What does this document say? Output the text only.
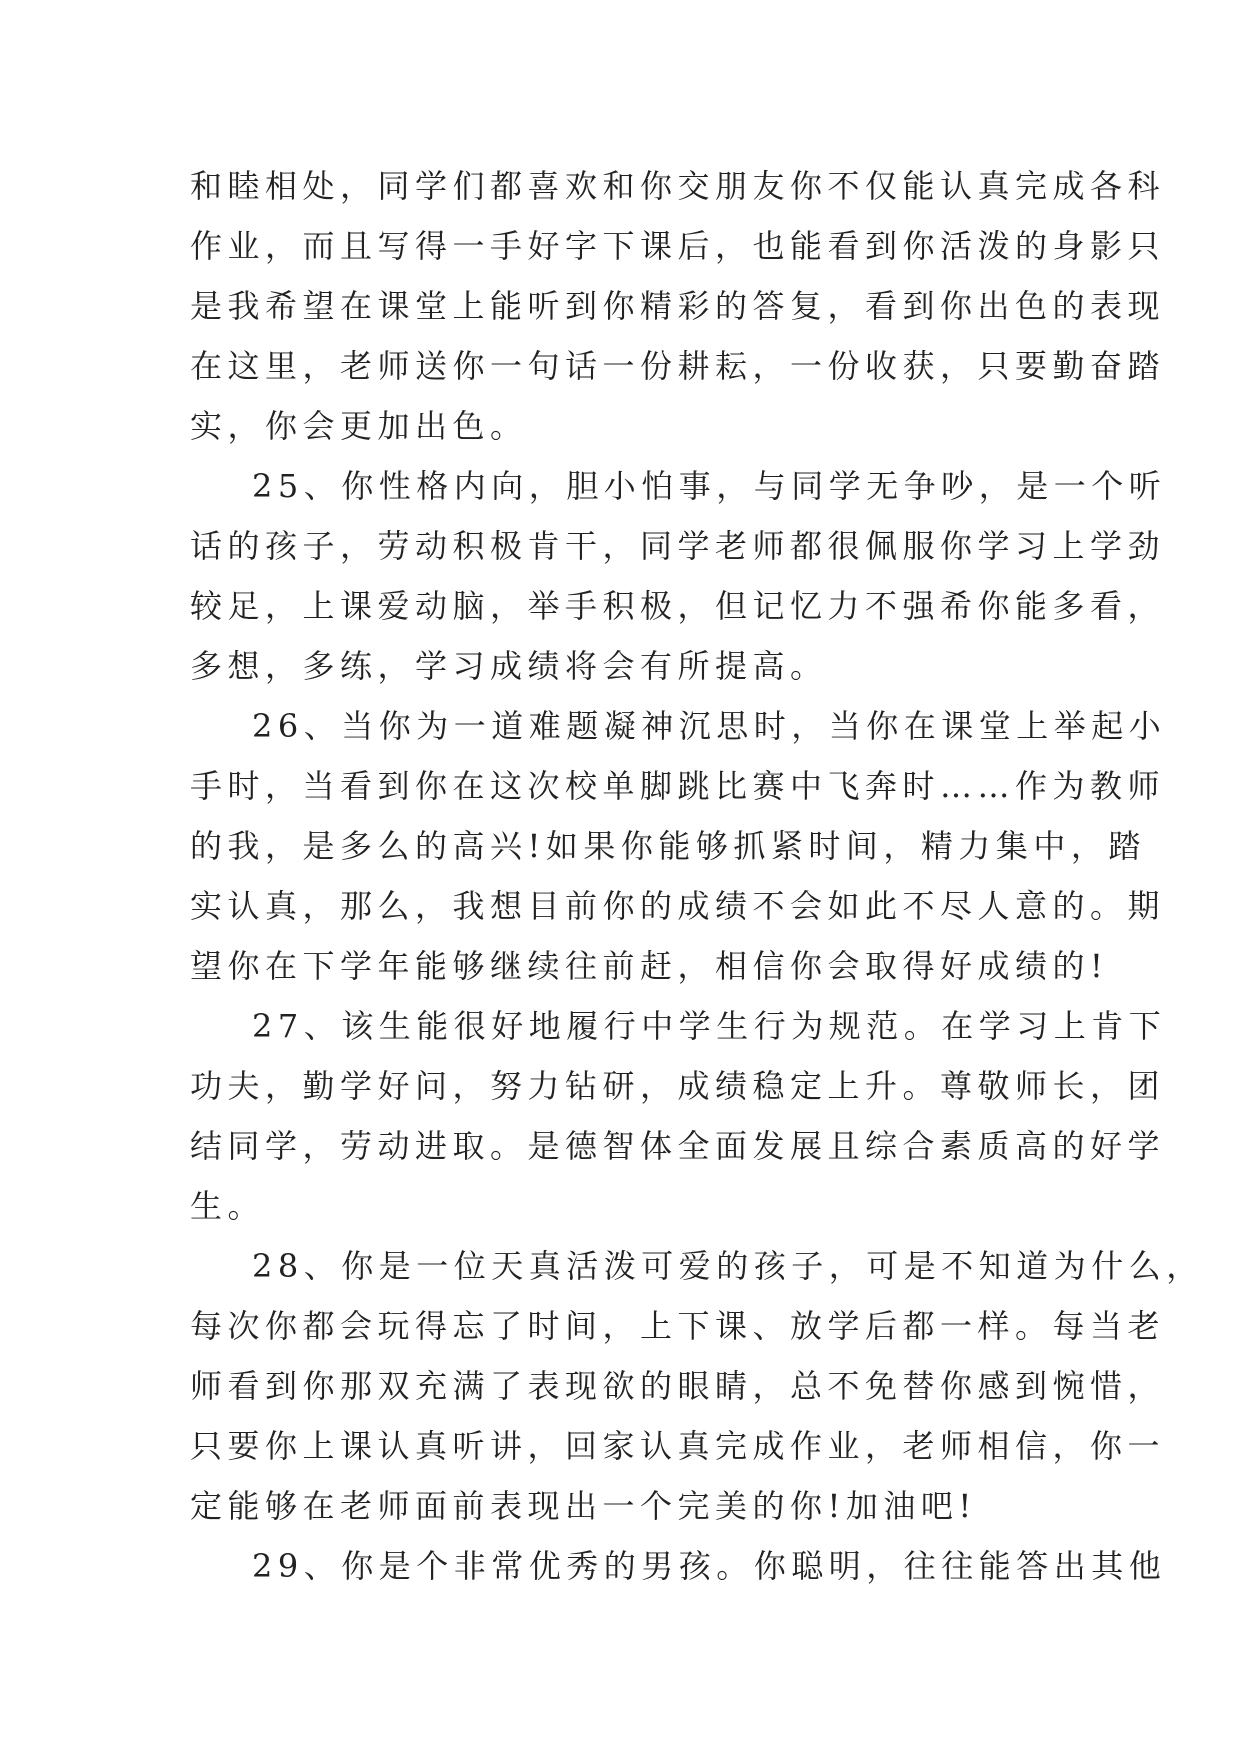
和睦相处，同学们都喜欢和你交朋友你不仅能认真完成各科
作业，而且写得一手好字下课后，也能看到你活泼的身影只
是我希望在课堂上能听到你精彩的答复，看到你出色的表现
在这里，老师送你一句话一份耕耘，一份收获，只要勤奋踏
实，你会更加出色。
25、你性格内向，胆小怕事，与同学无争吵，是一个听
话的孩子，劳动积极肯干，同学老师都很佩服你学习上学劲
较足，上课爱动脑，举手积极，但记忆力不强希你能多看，
多想，多练，学习成绩将会有所提高。
26、当你为一道难题凝神沉思时，当你在课堂上举起小
手时，当看到你在这次校单脚跳比赛中飞奔时……作为教师
的我，是多么的高兴!如果你能够抓紧时间，精力集中，踏
实认真，那么，我想目前你的成绩不会如此不尽人意的。期
望你在下学年能够继续往前赶，相信你会取得好成绩的!
27、该生能很好地履行中学生行为规范。在学习上肯下
功夫，勤学好问，努力钻研，成绩稳定上升。尊敬师长，团
结同学，劳动进取。是德智体全面发展且综合素质高的好学
生。
28、你是一位天真活泼可爱的孩子，可是不知道为什么，
每次你都会玩得忘了时间，上下课、放学后都一样。每当老
师看到你那双充满了表现欲的眼睛，总不免替你感到惋惜，
只要你上课认真听讲，回家认真完成作业，老师相信，你一
定能够在老师面前表现出一个完美的你!加油吧!
29、你是个非常优秀的男孩。你聪明，往往能答出其他
